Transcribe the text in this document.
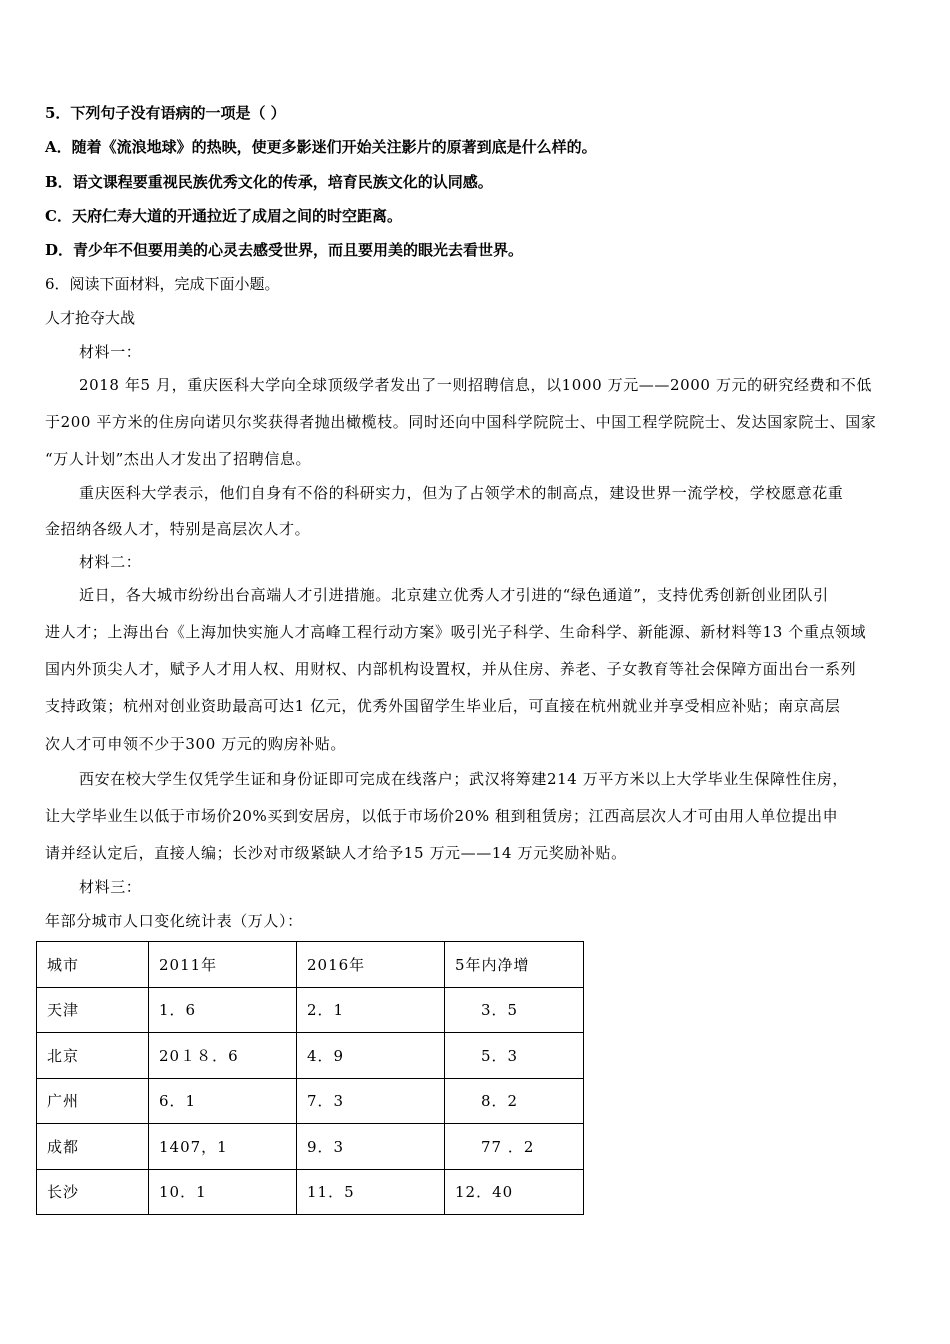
5．下列句子没有语病的一项是（ ）
A．随着《流浪地球》的热映，使更多影迷们开始关注影片的原著到底是什么样的。
B．语文课程要重视民族优秀文化的传承，培育民族文化的认同感。
C．天府仁寿大道的开通拉近了成眉之间的时空距离。
D．青少年不但要用美的心灵去感受世界，而且要用美的眼光去看世界。
6．阅读下面材料，完成下面小题。
人才抢夺大战
材料一：
2018 年5 月，重庆医科大学向全球顶级学者发出了一则招聘信息，以1000 万元——2000 万元的研究经费和不低
于200 平方米的住房向诺贝尔奖获得者抛出橄榄枝。同时还向中国科学院院士、中国工程学院院士、发达国家院士、国家
“万人计划”杰出人才发出了招聘信息。
重庆医科大学表示，他们自身有不俗的科研实力，但为了占领学术的制高点，建设世界一流学校，学校愿意花重
金招纳各级人才，特别是高层次人才。
材料二：
近日，各大城市纷纷出台高端人才引进措施。北京建立优秀人才引进的“绿色通道”，支持优秀创新创业团队引
进人才；上海出台《上海加快实施人才高峰工程行动方案》吸引光子科学、生命科学、新能源、新材料等13 个重点领域
国内外顶尖人才，赋予人才用人权、用财权、内部机构设置权，并从住房、养老、子女教育等社会保障方面出台一系列
支持政策；杭州对创业资助最高可达1 亿元，优秀外国留学生毕业后，可直接在杭州就业并享受相应补贴；南京高层
次人才可申领不少于300 万元的购房补贴。
西安在校大学生仅凭学生证和身份证即可完成在线落户；武汉将筹建214 万平方米以上大学毕业生保障性住房，
让大学毕业生以低于市场价20%买到安居房，以低于市场价20% 租到租赁房；江西高层次人才可由用人单位提出申
请并经认定后，直接人编；长沙对市级紧缺人才给予15 万元——14 万元奖励补贴。
材料三：
年部分城市人口变化统计表（万人）：
城市	2011年	2016年	5年内净增
天津	1．6	2．1	3．5
北京	20１８．6	4．9	5．3
广州	6．1	7．3	8．2
成都	1407，1	9．3	77 ．2
长沙	10．1	11．5	12．40
